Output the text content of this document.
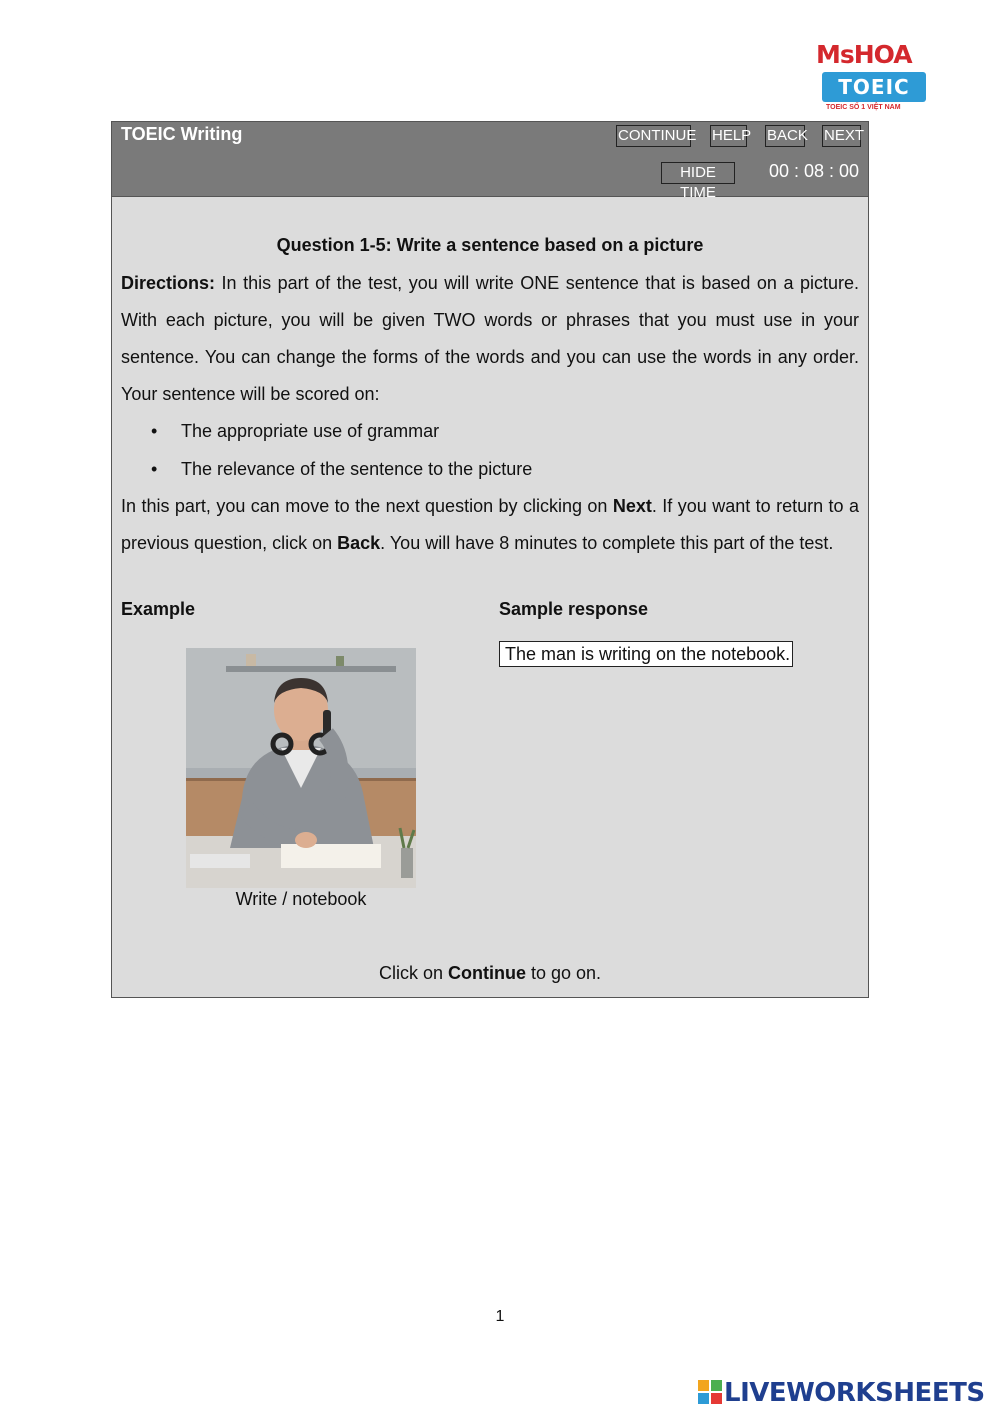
MsHOA
TOEIC
TOEIC SỐ 1 VIỆT NAM
TOEIC Writing	CONTINUE HELP BACK NEXT
HIDE TIME
00 : 08 : 00
Question 1-5: Write a sentence based on a picture
Directions: In this part of the test, you will write ONE sentence that is based on a picture. With each picture, you will be given TWO words or phrases that you must use in your sentence. You can change the forms of the words and you can use the words in any order. Your sentence will be scored on:
• The appropriate use of grammar
• The relevance of the sentence to the picture
In this part, you can move to the next question by clicking on Next. If you want to return to a previous question, click on Back. You will have 8 minutes to complete this part of the test.
Example	Sample response
The man is writing on the notebook.
Write / notebook
Click on Continue to go on.
1
LIVEWORKSHEETS
